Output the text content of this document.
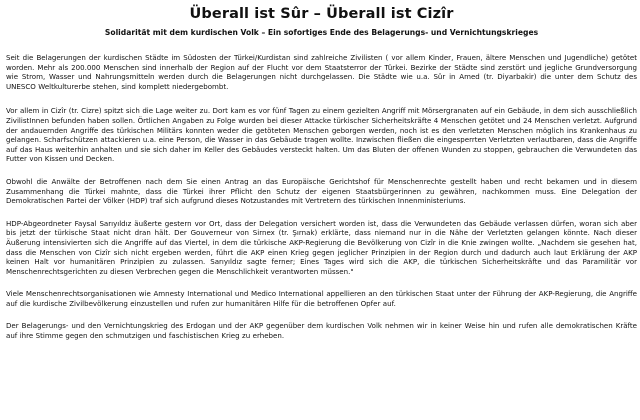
Überall ist Sûr – Überall ist Cizîr
Solidarität mit dem kurdischen Volk – Ein sofortiges Ende des Belagerungs- und Vernichtungskrieges

Seit die Belagerungen der kurdischen Städte im Südosten der Türkei/Kurdistan sind zahlreiche Zivilisten ( vor allem Kinder, Frauen, ältere Menschen und Jugendliche) getötet worden. Mehr als 200.000 Menschen sind innerhalb der Region auf der Flucht vor dem Staatsterror der Türkei. Bezirke der Städte sind zerstört und jegliche Grundversorgung wie Strom, Wasser und Nahrungsmitteln werden durch die Belagerungen nicht durchgelassen. Die Städte wie u.a. Sûr in Amed (tr. Diyarbakir) die unter dem Schutz des UNESCO Weltkulturerbe stehen, sind komplett niedergebombt.

Vor allem in Cizîr (tr. Cizre) spitzt sich die Lage weiter zu. Dort kam es vor fünf Tagen zu einem gezielten Angriff mit Mörsergranaten auf ein Gebäude, in dem sich ausschließlich ZivilistInnen befunden haben sollen. Örtlichen Angaben zu Folge wurden bei dieser Attacke türkischer Sicherheitskräfte 4 Menschen getötet und 24 Menschen verletzt. Aufgrund der andauernden Angriffe des türkischen Militärs konnten weder die getöteten Menschen geborgen werden, noch ist es den verletzten Menschen möglich ins Krankenhaus zu gelangen. Scharfschützen attackieren u.a. eine Person, die Wasser in das Gebäude tragen wollte. Inzwischen fließen die eingesperrten Verletzten verlautbaren, dass die Angriffe auf das Haus weiterhin anhalten und sie sich daher im Keller des Gebäudes versteckt halten. Um das Bluten der offenen Wunden zu stoppen, gebrauchen die Verwundeten das Futter von Kissen und Decken.

Obwohl die Anwälte der Betroffenen nach dem Sie einen Antrag an das Europäische Gerichtshof für Menschenrechte gestellt haben und recht bekamen und in diesem Zusammenhang die Türkei mahnte, dass die Türkei ihrer Pflicht den Schutz der eigenen Staatsbürgerinnen zu gewähren, nachkommen muss. Eine Delegation der Demokratischen Partei der Völker (HDP) traf sich aufgrund dieses Notzustandes mit Vertretern des türkischen Innenministeriums.

HDP-Abgeordneter Faysal Sarıyıldız äußerte gestern vor Ort, dass der Delegation versichert worden ist, dass die Verwundeten das Gebäude verlassen dürfen, woran sich aber bis jetzt der türkische Staat nicht dran hält. Der Gouverneur von Sirnex (tr. Şırnak) erklärte, dass niemand nur in die Nähe der Verletzten gelangen könnte. Nach dieser Äußerung intensivierten sich die Angriffe auf das Viertel, in dem die türkische AKP-Regierung die Bevölkerung von Cizîr in die Knie zwingen wollte. „Nachdem sie gesehen hat, dass die Menschen von Cizîr sich nicht ergeben werden, führt die AKP einen Krieg gegen jeglicher Prinzipien in der Region durch und dadurch auch laut Erklärung der AKP keinen Halt vor humanitären Prinzipien zu zulassen. Sarıyıldız sagte ferner; Eines Tages wird sich die AKP, die türkischen Sicherheitskräfte und das Paramilitär vor Menschenrechtsgerichten zu diesen Verbrechen gegen die Menschlichkeit verantworten müssen."

Viele Menschenrechtsorganisationen wie Amnesty International und Medico International appellieren an den türkischen Staat unter der Führung der AKP-Regierung, die Angriffe auf die kurdische Zivilbevölkerung einzustellen und rufen zur humanitären Hilfe für die betroffenen Opfer auf.

Der Belagerungs- und den Vernichtungskrieg des Erdogan und der AKP gegenüber dem kurdischen Volk nehmen wir in keiner Weise hin und rufen alle demokratischen Kräfte auf ihre Stimme gegen den schmutzigen und faschistischen Krieg zu erheben.
